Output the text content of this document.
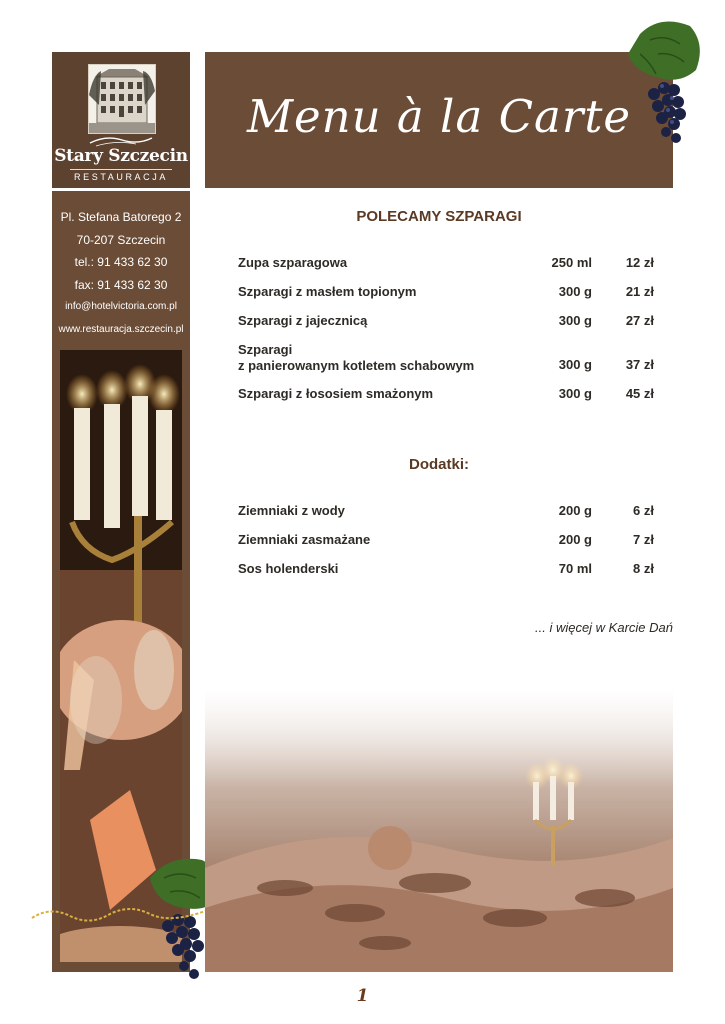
Stary Szczecin
RESTAURACJA
Pl. Stefana Batorego 2
70-207 Szczecin
tel.: 91 433 62 30
fax: 91 433 62 30
info@hotelvictoria.com.pl
www.restauracja.szczecin.pl
Menu à la Carte
POLECAMY SZPARAGI
Zupa szparagowa	250 ml	12 zł
Szparagi z masłem topionym	300 g	21 zł
Szparagi z jajecznicą	300 g	27 zł
Szparagi
z panierowanym kotletem schabowym	300 g	37 zł
Szparagi z łososiem smażonym	300 g	45 zł
Dodatki:
Ziemniaki z wody	200 g	6 zł
Ziemniaki zasmażane	200 g	7 zł
Sos holenderski	70 ml	8 zł
... i więcej w Karcie Dań
1
